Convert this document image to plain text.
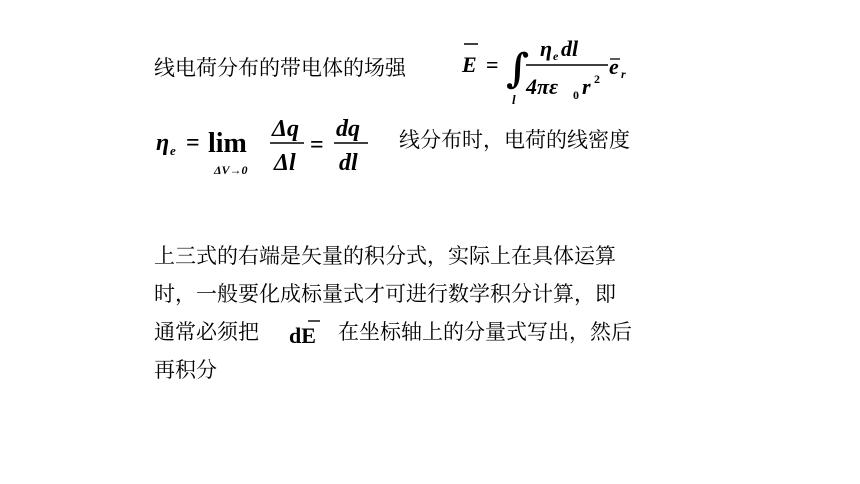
线电荷分布的带电体的场强	E = ∫
l
η e dl
4πε 0 r 2 e r
η e = lim
ΔV→0
Δq
Δl
=
dq
dl
线分布时，电荷的线密度
上三式的右端是矢量的积分式，实际上在具体运算
时，一般要化成标量式才可进行数学积分计算，即
通常必须把 dE 在坐标轴上的分量式写出，然后
再积分
